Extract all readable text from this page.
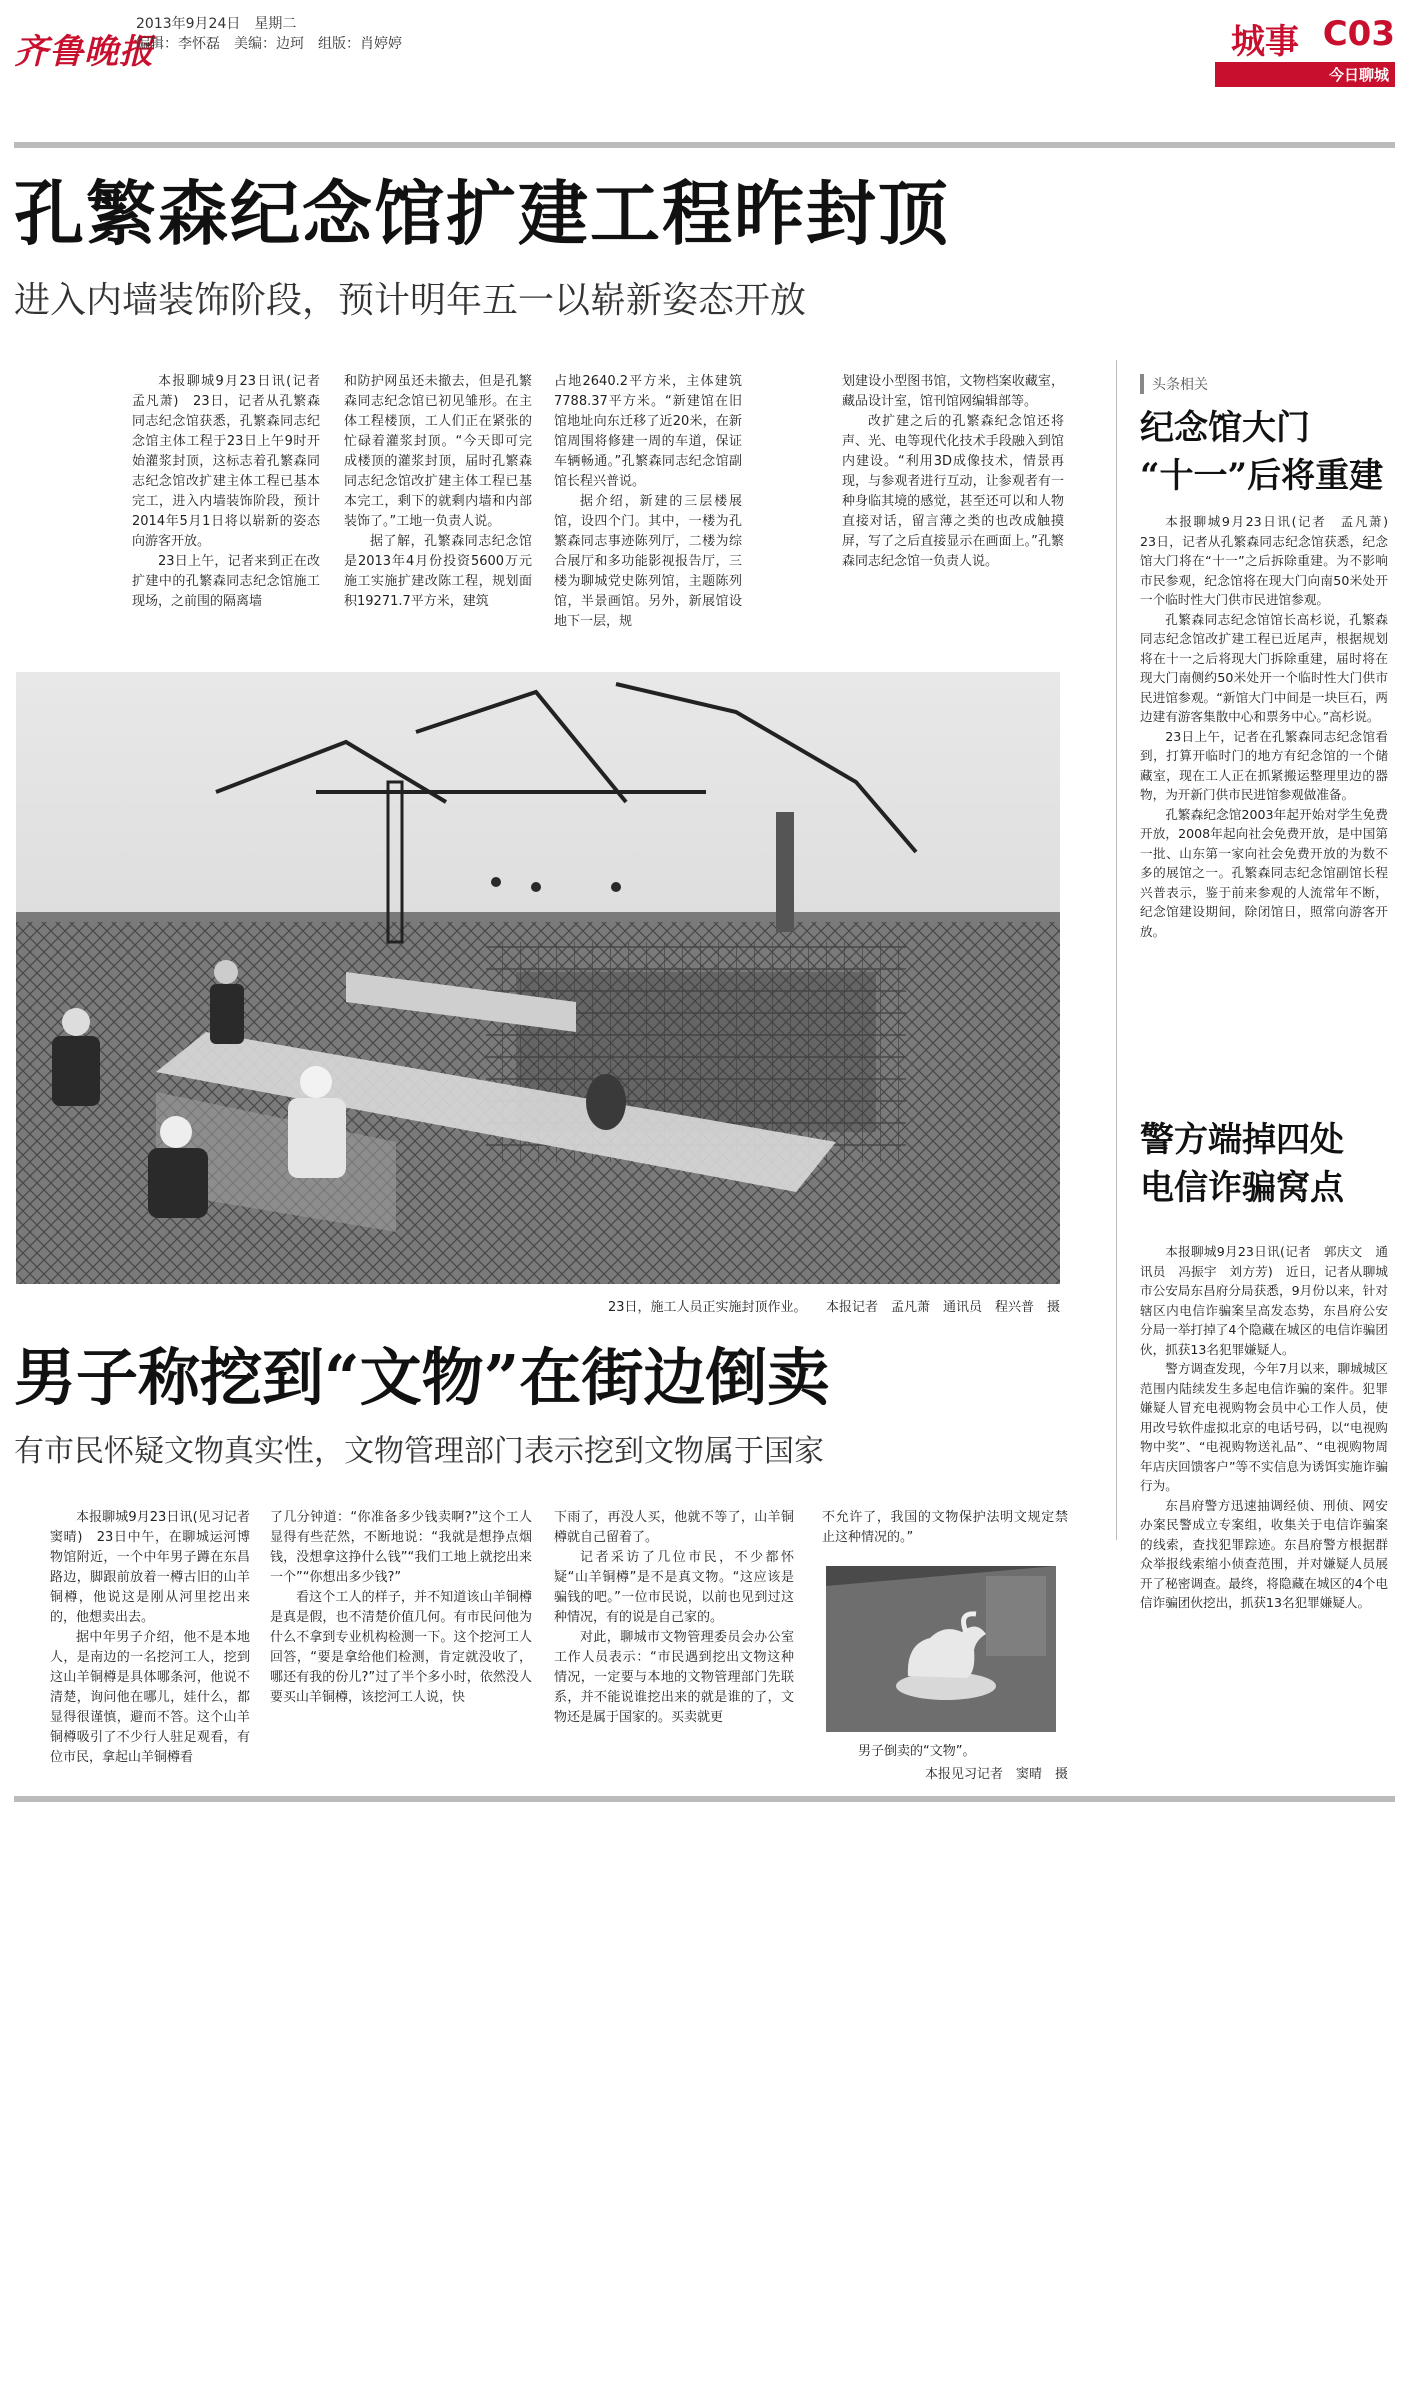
齐鲁晚报
2013年9月24日　星期二
编辑：李怀磊　美编：边珂　组版：肖婷婷	城事 C03
今日聊城
孔繁森纪念馆扩建工程昨封顶
进入内墙装饰阶段，预计明年五一以崭新姿态开放

本报聊城9月23日讯(记者　孟凡萧)　23日，记者从孔繁森同志纪念馆获悉，孔繁森同志纪念馆主体工程于23日上午9时开始灌浆封顶，这标志着孔繁森同志纪念馆改扩建主体工程已基本完工，进入内墙装饰阶段，预计2014年5月1日将以崭新的姿态向游客开放。

23日上午，记者来到正在改扩建中的孔繁森同志纪念馆施工现场，之前围的隔离墙

和防护网虽还未撤去，但是孔繁森同志纪念馆已初见雏形。在主体工程楼顶，工人们正在紧张的忙碌着灌浆封顶。“今天即可完成楼顶的灌浆封顶，届时孔繁森同志纪念馆改扩建主体工程已基本完工，剩下的就剩内墙和内部装饰了。”工地一负责人说。

据了解，孔繁森同志纪念馆是2013年4月份投资5600万元施工实施扩建改陈工程，规划面积19271.7平方米，建筑

占地2640.2平方米，主体建筑7788.37平方米。“新建馆在旧馆地址向东迁移了近20米，在新馆周围将修建一周的车道，保证车辆畅通。”孔繁森同志纪念馆副馆长程兴普说。

据介绍，新建的三层楼展馆，设四个门。其中，一楼为孔繁森同志事迹陈列厅，二楼为综合展厅和多功能影视报告厅，三楼为聊城党史陈列馆，主题陈列馆，半景画馆。另外，新展馆设地下一层，规

划建设小型图书馆，文物档案收藏室，藏品设计室，馆刊馆网编辑部等。

改扩建之后的孔繁森纪念馆还将声、光、电等现代化技术手段融入到馆内建设。“利用3D成像技术，情景再现，与参观者进行互动，让参观者有一种身临其境的感觉，甚至还可以和人物直接对话，留言薄之类的也改成触摸屏，写了之后直接显示在画面上。”孔繁森同志纪念馆一负责人说。

23日，施工人员正实施封顶作业。　　本报记者　孟凡萧　通讯员　程兴普　摄
头条相关
纪念馆大门
“十一”后将重建

本报聊城9月23日讯(记者　孟凡萧)　23日，记者从孔繁森同志纪念馆获悉，纪念馆大门将在“十一”之后拆除重建。为不影响市民参观，纪念馆将在现大门向南50米处开一个临时性大门供市民进馆参观。

孔繁森同志纪念馆馆长高杉说，孔繁森同志纪念馆改扩建工程已近尾声，根据规划将在十一之后将现大门拆除重建，届时将在现大门南侧约50米处开一个临时性大门供市民进馆参观。“新馆大门中间是一块巨石，两边建有游客集散中心和票务中心。”高杉说。

23日上午，记者在孔繁森同志纪念馆看到，打算开临时门的地方有纪念馆的一个储藏室，现在工人正在抓紧搬运整理里边的器物，为开新门供市民进馆参观做准备。

孔繁森纪念馆2003年起开始对学生免费开放，2008年起向社会免费开放，是中国第一批、山东第一家向社会免费开放的为数不多的展馆之一。孔繁森同志纪念馆副馆长程兴普表示，鉴于前来参观的人流常年不断，纪念馆建设期间，除闭馆日，照常向游客开放。

警方端掉四处
电信诈骗窝点

本报聊城9月23日讯(记者　郭庆文　通讯员　冯振宇　刘方芳)　近日，记者从聊城市公安局东昌府分局获悉，9月份以来，针对辖区内电信诈骗案呈高发态势，东昌府公安分局一举打掉了4个隐藏在城区的电信诈骗团伙，抓获13名犯罪嫌疑人。

警方调查发现，今年7月以来，聊城城区范围内陆续发生多起电信诈骗的案件。犯罪嫌疑人冒充电视购物会员中心工作人员，使用改号软件虚拟北京的电话号码，以“电视购物中奖”、“电视购物送礼品”、“电视购物周年店庆回馈客户”等不实信息为诱饵实施诈骗行为。

东昌府警方迅速抽调经侦、刑侦、网安办案民警成立专案组，收集关于电信诈骗案的线索，查找犯罪踪迹。东昌府警方根据群众举报线索缩小侦查范围，并对嫌疑人员展开了秘密调查。最终，将隐藏在城区的4个电信诈骗团伙挖出，抓获13名犯罪嫌疑人。

男子称挖到“文物”在街边倒卖
有市民怀疑文物真实性，文物管理部门表示挖到文物属于国家

本报聊城9月23日讯(见习记者　窦晴)　23日中午，在聊城运河博物馆附近，一个中年男子蹲在东昌路边，脚跟前放着一樽古旧的山羊铜樽，他说这是刚从河里挖出来的，他想卖出去。

据中年男子介绍，他不是本地人，是南边的一名挖河工人，挖到这山羊铜樽是具体哪条河，他说不清楚，询问他在哪儿，娃什么，都显得很谨慎，避而不答。这个山羊铜樽吸引了不少行人驻足观看，有位市民，拿起山羊铜樽看

了几分钟道：“你准备多少钱卖啊?”这个工人显得有些茫然，不断地说：“我就是想挣点烟钱，没想拿这挣什么钱”“我们工地上就挖出来一个”“你想出多少钱?”

看这个工人的样子，并不知道该山羊铜樽是真是假，也不清楚价值几何。有市民问他为什么不拿到专业机构检测一下。这个挖河工人回答，“要是拿给他们检测，肯定就没收了，哪还有我的份儿?”过了半个多小时，依然没人要买山羊铜樽，该挖河工人说，快

下雨了，再没人买，他就不等了，山羊铜樽就自己留着了。

记者采访了几位市民，不少都怀疑“山羊铜樽”是不是真文物。“这应该是骗钱的吧。”一位市民说，以前也见到过这种情况，有的说是自己家的。

对此，聊城市文物管理委员会办公室工作人员表示：“市民遇到挖出文物这种情况，一定要与本地的文物管理部门先联系，并不能说谁挖出来的就是谁的了，文物还是属于国家的。买卖就更

不允许了，我国的文物保护法明文规定禁止这种情况的。”

男子倒卖的“文物”。
本报见习记者　窦晴　摄
